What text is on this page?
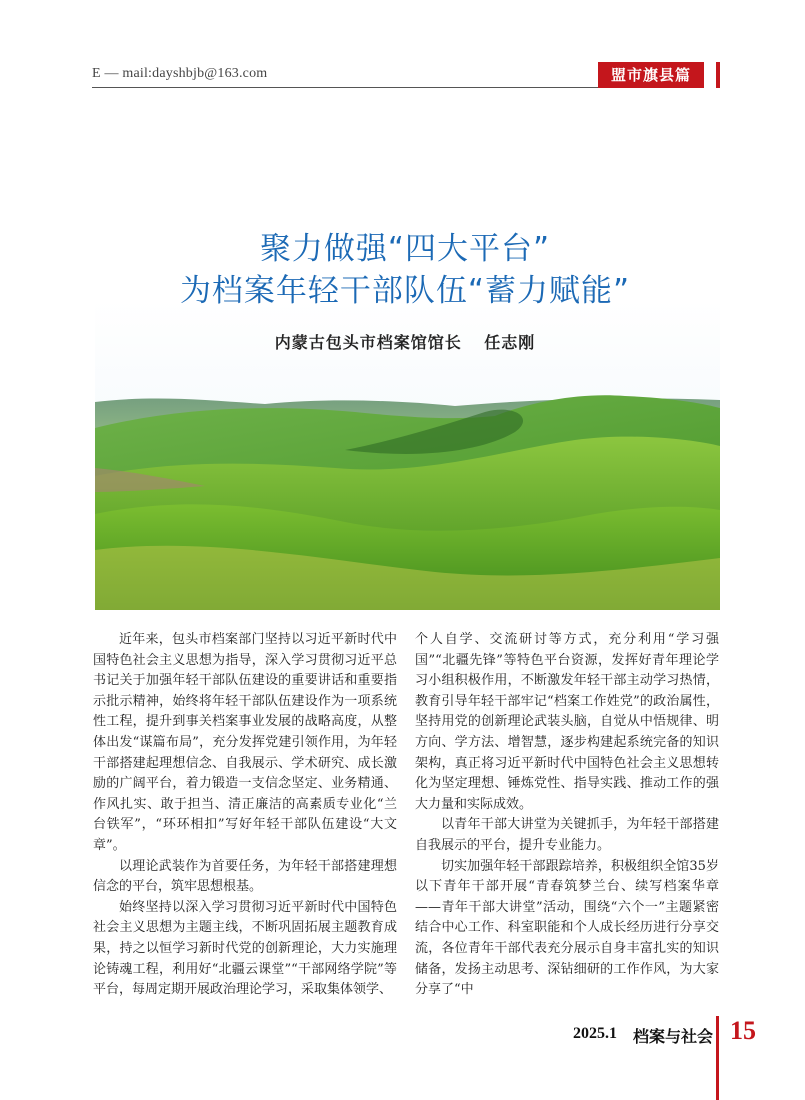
E — mail:dayshbjb@163.com	盟市旗县篇
聚力做强“四大平台”
为档案年轻干部队伍“蓄力赋能”
内蒙古包头市档案馆馆长 任志刚

近年来，包头市档案部门坚持以习近平新时代中国特色社会主义思想为指导，深入学习贯彻习近平总书记关于加强年轻干部队伍建设的重要讲话和重要指示批示精神，始终将年轻干部队伍建设作为一项系统性工程，提升到事关档案事业发展的战略高度，从整体出发“谋篇布局”，充分发挥党建引领作用，为年轻干部搭建起理想信念、自我展示、学术研究、成长激励的广阔平台，着力锻造一支信念坚定、业务精通、作风扎实、敢于担当、清正廉洁的高素质专业化“兰台铁军”，“环环相扣”写好年轻干部队伍建设“大文章”。

以理论武装作为首要任务，为年轻干部搭建理想信念的平台，筑牢思想根基。

始终坚持以深入学习贯彻习近平新时代中国特色社会主义思想为主题主线，不断巩固拓展主题教育成果，持之以恒学习新时代党的创新理论，大力实施理论铸魂工程，利用好“北疆云课堂”“干部网络学院”等平台，每周定期开展政治理论学习，采取集体领学、

个人自学、交流研讨等方式，充分利用“学习强国”“北疆先锋”等特色平台资源，发挥好青年理论学习小组积极作用，不断激发年轻干部主动学习热情，教育引导年轻干部牢记“档案工作姓党”的政治属性，坚持用党的创新理论武装头脑，自觉从中悟规律、明方向、学方法、增智慧，逐步构建起系统完备的知识架构，真正将习近平新时代中国特色社会主义思想转化为坚定理想、锤炼党性、指导实践、推动工作的强大力量和实际成效。

以青年干部大讲堂为关键抓手，为年轻干部搭建自我展示的平台，提升专业能力。

切实加强年轻干部跟踪培养，积极组织全馆35岁以下青年干部开展“青春筑梦兰台、续写档案华章——青年干部大讲堂”活动，围绕“六个一”主题紧密结合中心工作、科室职能和个人成长经历进行分享交流，各位青年干部代表充分展示自身丰富扎实的知识储备，发扬主动思考、深钻细研的工作作风，为大家分享了“中

2025.1 档案与社会 15
